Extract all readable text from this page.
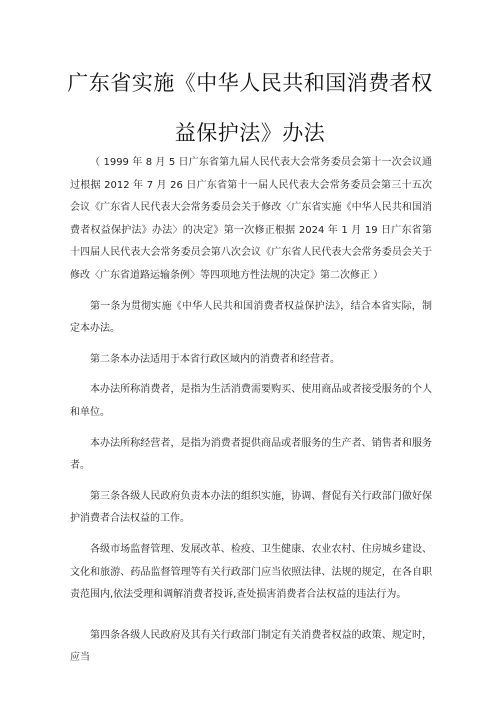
广东省实施《中华人民共和国消费者权益保护法》办法

（ 1999 年 8 月 5 日广东省第九届人民代表大会常务委员会第十一次会议通过根据 2012 年 7 月 26 日广东省第十一届人民代表大会常务委员会第三十五次会议《广东省人民代表大会常务委员会关于修改〈广东省实施《中华人民共和国消费者权益保护法》办法〉的决定》第一次修正根据 2024 年 1 月 19 日广东省第十四届人民代表大会常务委员会第八次会议《广东省人民代表大会常务委员会关于修改〈广东省道路运输条例〉等四项地方性法规的决定》第二次修正 ）

第一条为贯彻实施《中华人民共和国消费者权益保护法》，结合本省实际，制定本办法。

第二条本办法适用于本省行政区域内的消费者和经营者。

本办法所称消费者，是指为生活消费需要购买、使用商品或者接受服务的个人和单位。

本办法所称经营者，是指为消费者提供商品或者服务的生产者、销售者和服务者。

第三条各级人民政府负责本办法的组织实施，协调、督促有关行政部门做好保护消费者合法权益的工作。

各级市场监督管理、发展改革、检疫、卫生健康、农业农村、住房城乡建设、文化和旅游、药品监督管理等有关行政部门应当依照法律、法规的规定，在各自职责范围内,依法受理和调解消费者投诉,查处损害消费者合法权益的违法行为。

第四条各级人民政府及其有关行政部门制定有关消费者权益的政策、规定时，应当
